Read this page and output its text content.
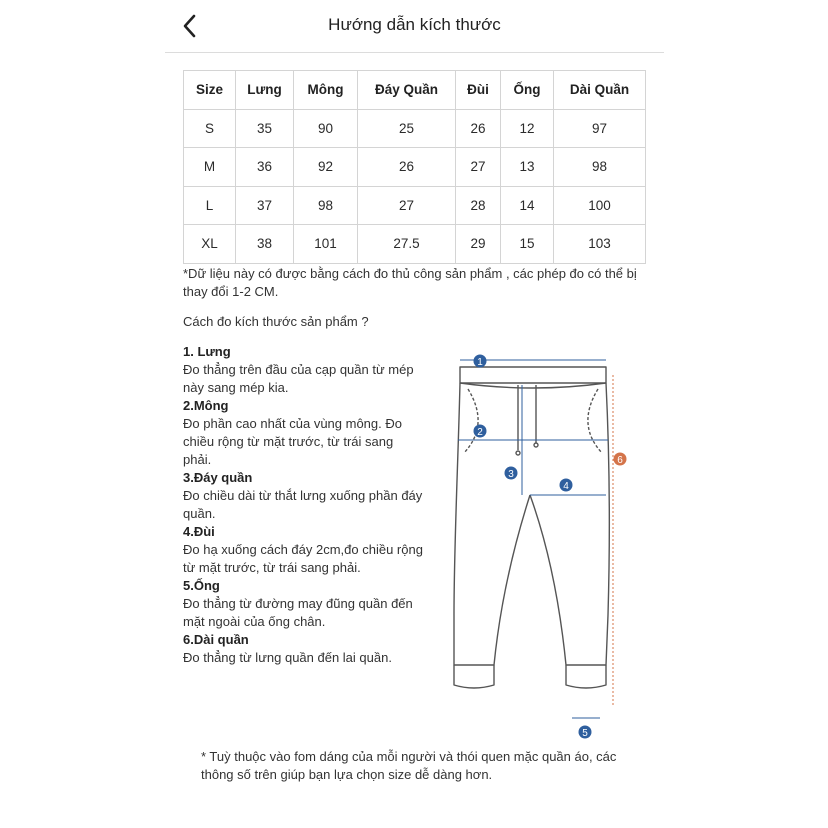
Hướng dẫn kích thước
Size	Lưng	Mông	Đáy Quần	Đùi	Ống	Dài Quần
S	35	90	25	26	12	97
M	36	92	26	27	13	98
L	37	98	27	28	14	100
XL	38	101	27.5	29	15	103
*Dữ liệu này có được bằng cách đo thủ công sản phẩm , các phép đo có thể bị thay đổi 1-2 CM.
Cách đo kích thước sản phẩm ?
1. Lưng
Đo thẳng trên đầu của cạp quần từ mép này sang mép kia.
2.Mông
Đo phần cao nhất của vùng mông. Đo chiều rộng từ mặt trước, từ trái sang phải.
3.Đáy quần
Đo chiều dài từ thắt lưng xuống phần đáy quần.
4.Đùi
Đo hạ xuống cách đáy 2cm,đo chiều rộng từ mặt trước, từ trái sang phải.
5.Ống
Đo thẳng từ đường may đũng quần đến mặt ngoài của ống chân.
6.Dài quần
Đo thẳng từ lưng quần đến lai quần.
1
2
3
4
5
6
* Tuỳ thuộc vào fom dáng của mỗi người và thói quen mặc quần áo, các thông số trên giúp bạn lựa chọn size dễ dàng hơn.
